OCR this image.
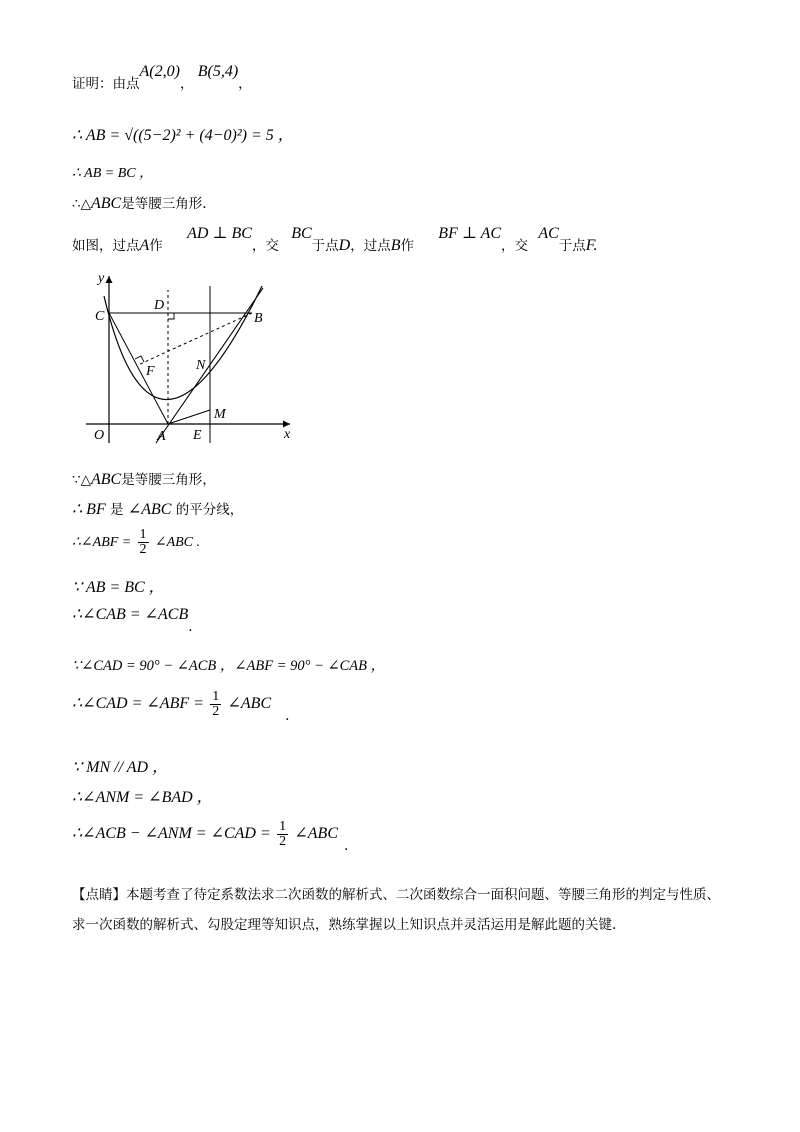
证明：由点A(2,0)， B(5,4)，
∴ AB = √((5−2)² + (4−0)²) = 5 ，
∴ AB = BC ，
∴△ABC是等腰三角形.
如图，过点A作 AD ⊥ BC，交 BC于点D，过点B作 BF ⊥ AC，交 AC于点F.
y
x
O
C
D
B
F	N
M
A E
∵△ABC是等腰三角形，
∴ BF 是 ∠ABC 的平分线，
∴∠ABF = $\frac{1}{2}$ ∠ABC .
∵ AB = BC ，
∴∠CAB = ∠ACB.
∵∠CAD = 90° − ∠ACB ，∠ABF = 90° − ∠CAB ，
∴∠CAD = ∠ABF = $\frac{1}{2}$ ∠ABC.
∵ MN // AD ，
∴∠ANM = ∠BAD ，
∴∠ACB − ∠ANM = ∠CAD = $\frac{1}{2}$ ∠ABC.
【点睛】本题考查了待定系数法求二次函数的解析式、二次函数综合一面积问题、等腰三角形的判定与性质、求一次函数的解析式、勾股定理等知识点，熟练掌握以上知识点并灵活运用是解此题的关键.
